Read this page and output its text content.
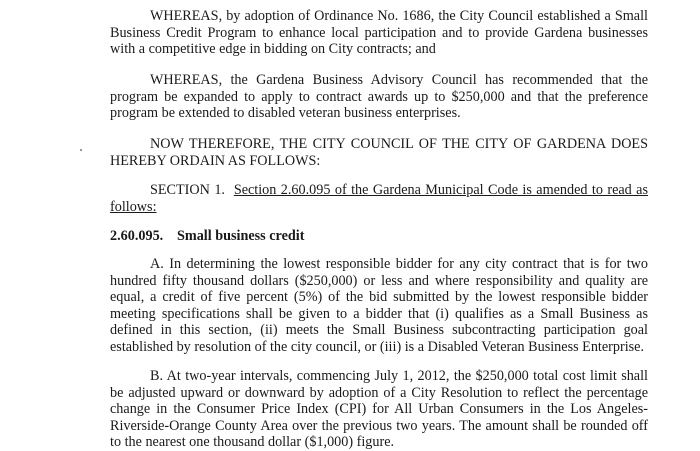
WHEREAS, by adoption of Ordinance No. 1686, the City Council established a Small Business Credit Program to enhance local participation and to provide Gardena businesses with a competitive edge in bidding on City contracts; and

WHEREAS, the Gardena Business Advisory Council has recommended that the program be expanded to apply to contract awards up to $250,000 and that the preference program be extended to disabled veteran business enterprises.

NOW THEREFORE, THE CITY COUNCIL OF THE CITY OF GARDENA DOES HEREBY ORDAIN AS FOLLOWS:

SECTION 1. Section 2.60.095 of the Gardena Municipal Code is amended to read as follows:

2.60.095. Small business credit

A. In determining the lowest responsible bidder for any city contract that is for two hundred fifty thousand dollars ($250,000) or less and where responsibility and quality are equal, a credit of five percent (5%) of the bid submitted by the lowest responsible bidder meeting specifications shall be given to a bidder that (i) qualifies as a Small Business as defined in this section, (ii) meets the Small Business subcontracting participation goal established by resolution of the city council, or (iii) is a Disabled Veteran Business Enterprise.

B. At two-year intervals, commencing July 1, 2012, the $250,000 total cost limit shall be adjusted upward or downward by adoption of a City Resolution to reflect the percentage change in the Consumer Price Index (CPI) for All Urban Consumers in the Los Angeles-Riverside-Orange County Area over the previous two years. The amount shall be rounded off to the nearest one thousand dollar ($1,000) figure.
